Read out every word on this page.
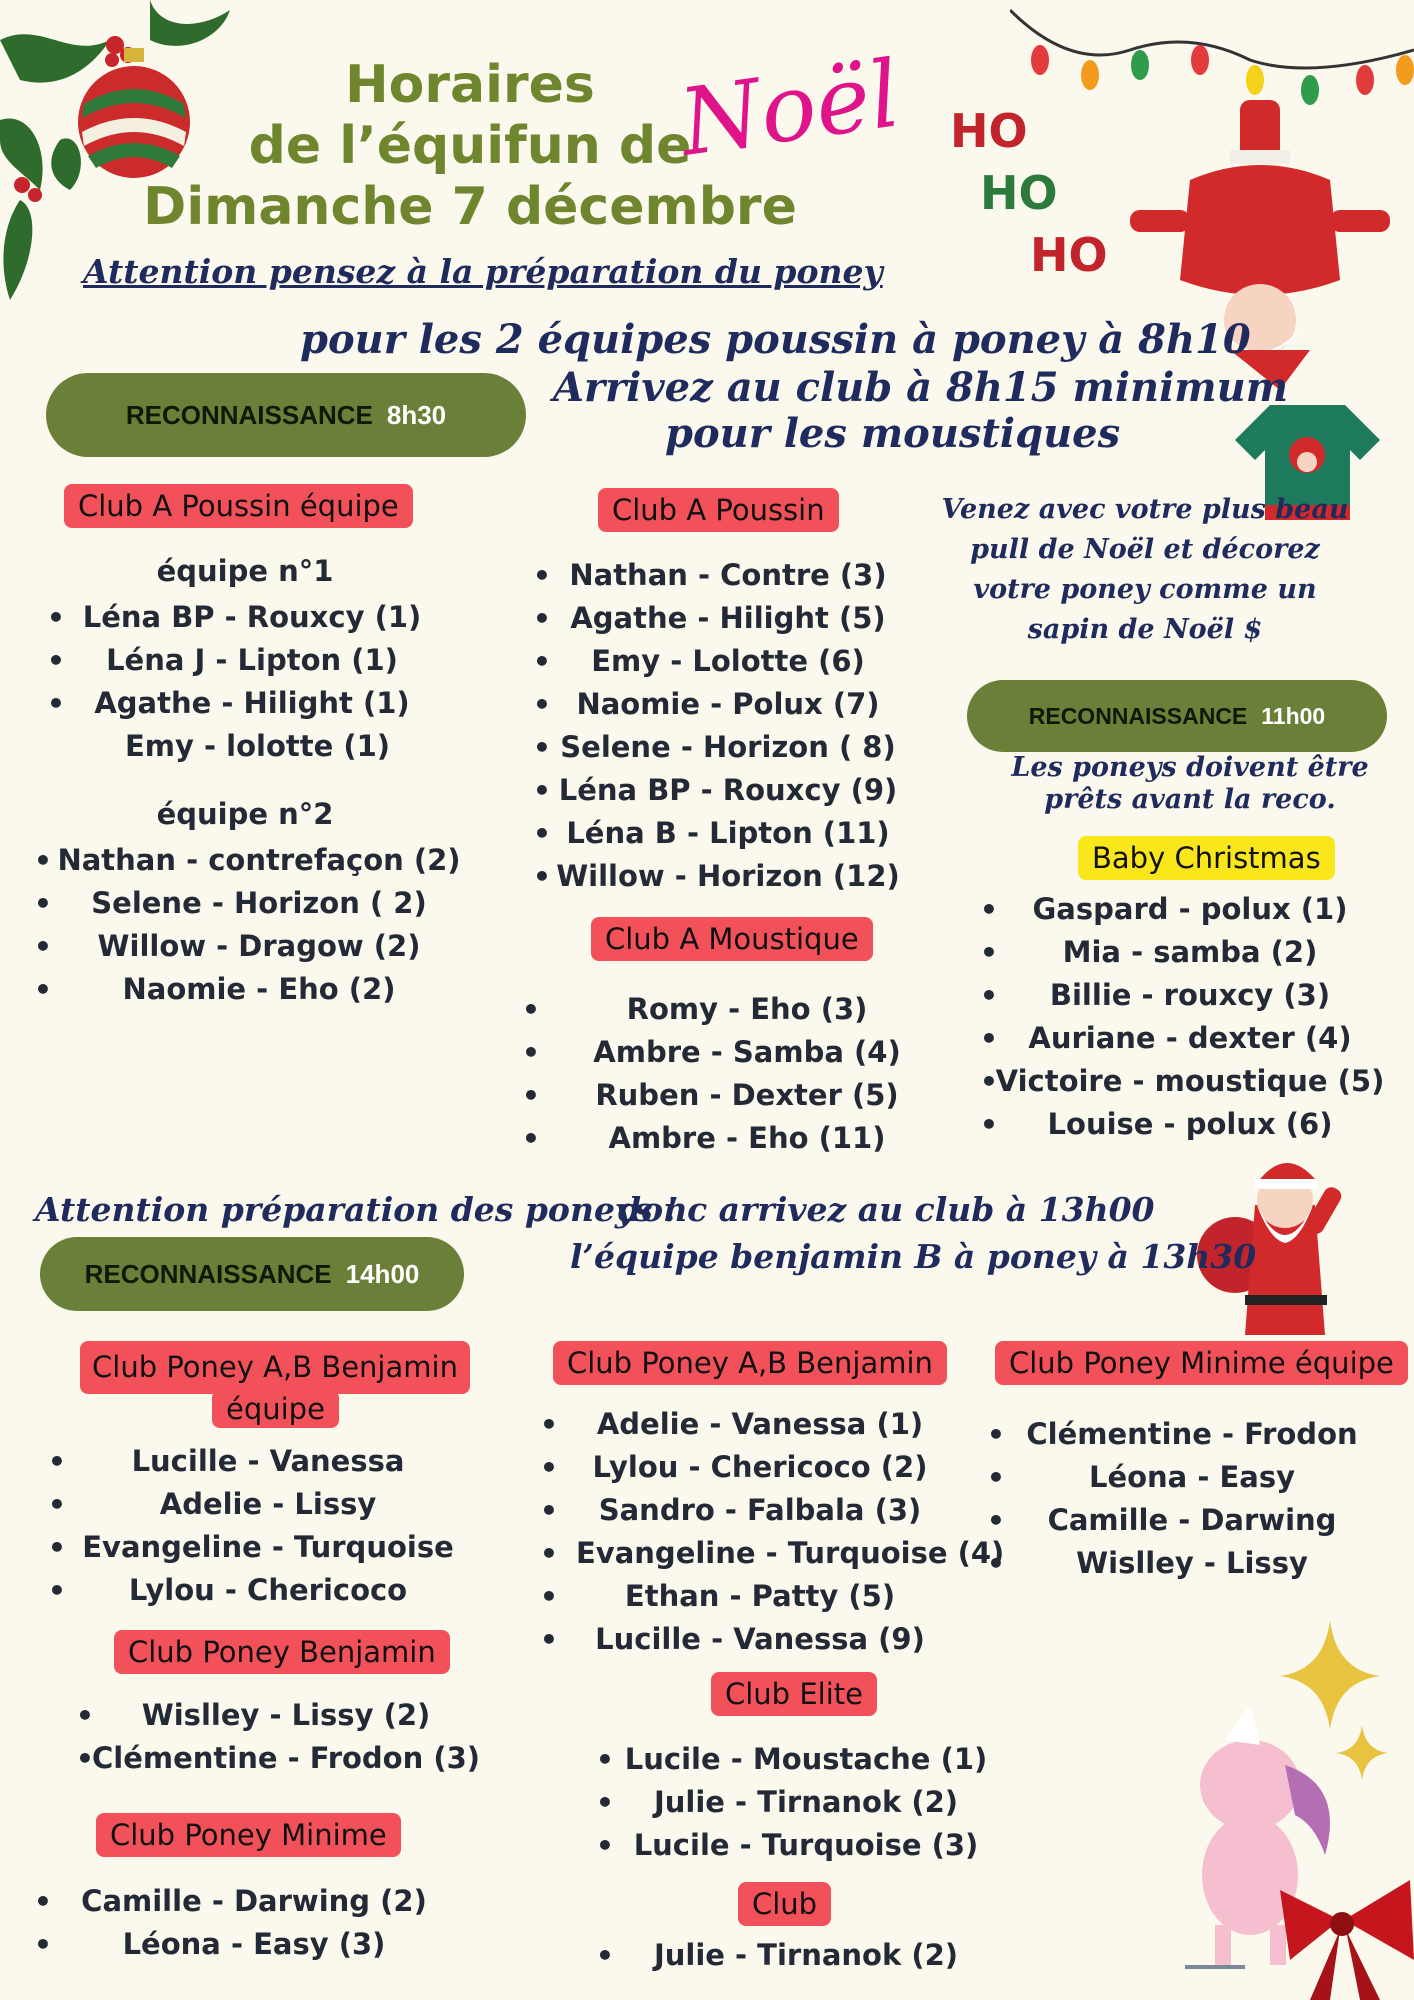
Horaires
de l’équifun de
Dimanche 7 décembre
Noël HO
HO
HO
Attention pensez à la préparation du poney
pour les 2 équipes poussin à poney à 8h10
Arrivez au club à 8h15 minimum
pour les moustiques
Venez avec votre plus beau pull de Noël et décorez votre poney comme un sapin de Noël $
Les poneys doivent être prêts avant la reco.
Attention préparation des poneys !
donc arrivez au club à 13h00
l’équipe benjamin B à poney à 13h30
RECONNAISSANCE 8h30
RECONNAISSANCE 11h00
RECONNAISSANCE 14h00
Club A Poussin équipe
équipe n°1
• Léna BP - Rouxcy (1)
• Léna J - Lipton (1)
• Agathe - Hilight (1)
Emy - lolotte (1)
équipe n°2
• Nathan - contrefaçon (2)
• Selene - Horizon ( 2)
• Willow - Dragow (2)
• Naomie - Eho (2)
Club A Poussin
• Nathan - Contre (3)
• Agathe - Hilight (5)
• Emy - Lolotte (6)
• Naomie - Polux (7)
• Selene - Horizon ( 8)
• Léna BP - Rouxcy (9)
• Léna B - Lipton (11)
• Willow - Horizon (12)
Club A Moustique
• Romy - Eho (3)
• Ambre - Samba (4)
• Ruben - Dexter (5)
• Ambre - Eho (11)
Baby Christmas
• Gaspard - polux (1)
• Mia - samba (2)
• Billie - rouxcy (3)
• Auriane - dexter (4)
• Victoire - moustique (5)
• Louise - polux (6)
Club Poney A,B Benjamin
équipe
• Lucille - Vanessa
• Adelie - Lissy
• Evangeline - Turquoise
• Lylou - Chericoco
Club Poney Benjamin
• Wislley - Lissy (2)
• Clémentine - Frodon (3)
Club Poney Minime
• Camille - Darwing (2)
• Léona - Easy (3)
Club Poney A,B Benjamin
• Adelie - Vanessa (1)
• Lylou - Chericoco (2)
• Sandro - Falbala (3)
• Evangeline - Turquoise (4)
• Ethan - Patty (5)
• Lucille - Vanessa (9)
Club Elite
• Lucile - Moustache (1)
• Julie - Tirnanok (2)
• Lucile - Turquoise (3)
Club
• Julie - Tirnanok (2)
Club Poney Minime équipe
• Clémentine - Frodon
• Léona - Easy
• Camille - Darwing
• Wislley - Lissy
